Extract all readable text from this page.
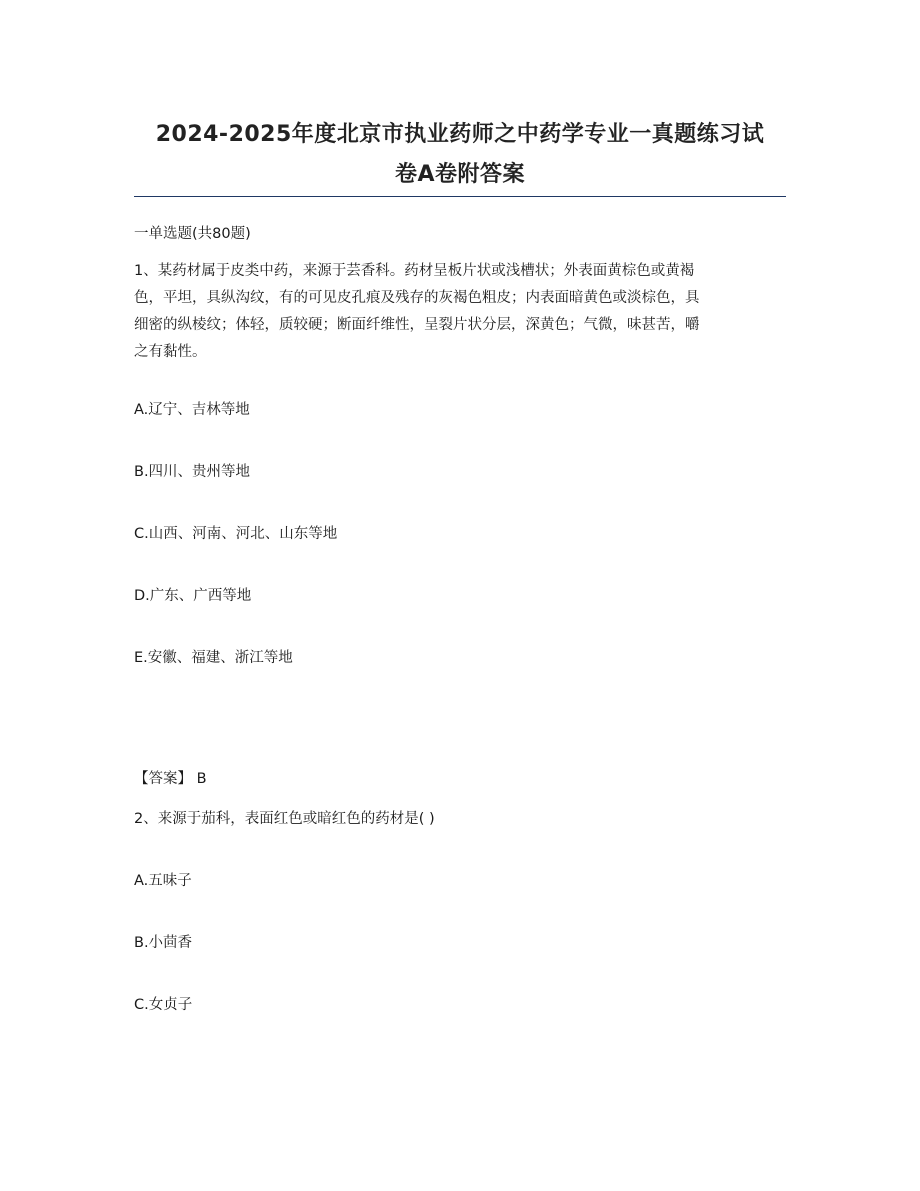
2024-2025年度北京市执业药师之中药学专业一真题练习试
卷A卷附答案
一单选题(共80题)
1、某药材属于皮类中药，来源于芸香科。药材呈板片状或浅槽状；外表面黄棕色或黄褐
色，平坦，具纵沟纹，有的可见皮孔痕及残存的灰褐色粗皮；内表面暗黄色或淡棕色，具
细密的纵棱纹；体轻，质较硬；断面纤维性，呈裂片状分层，深黄色；气微，味甚苦，嚼
之有黏性。
A.辽宁、吉林等地
B.四川、贵州等地
C.山西、河南、河北、山东等地
D.广东、广西等地
E.安徽、福建、浙江等地
【答案】 B
2、来源于茄科，表面红色或暗红色的药材是( )
A.五味子
B.小茴香
C.女贞子
